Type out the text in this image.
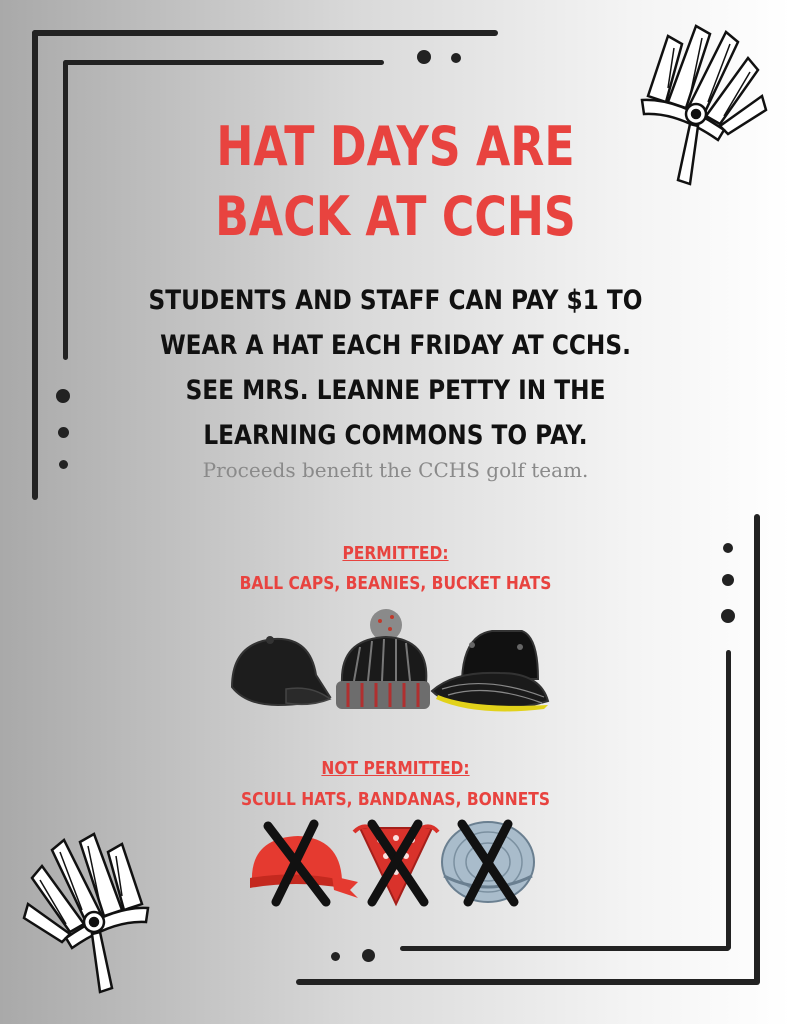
HAT DAYS ARE
BACK AT CCHS
STUDENTS AND STAFF CAN PAY $1 TO
WEAR A HAT EACH FRIDAY AT CCHS.
SEE MRS. LEANNE PETTY IN THE
LEARNING COMMONS TO PAY.
Proceeds benefit the CCHS golf team.
PERMITTED:
BALL CAPS, BEANIES, BUCKET HATS
NOT PERMITTED:
SCULL HATS, BANDANAS, BONNETS
